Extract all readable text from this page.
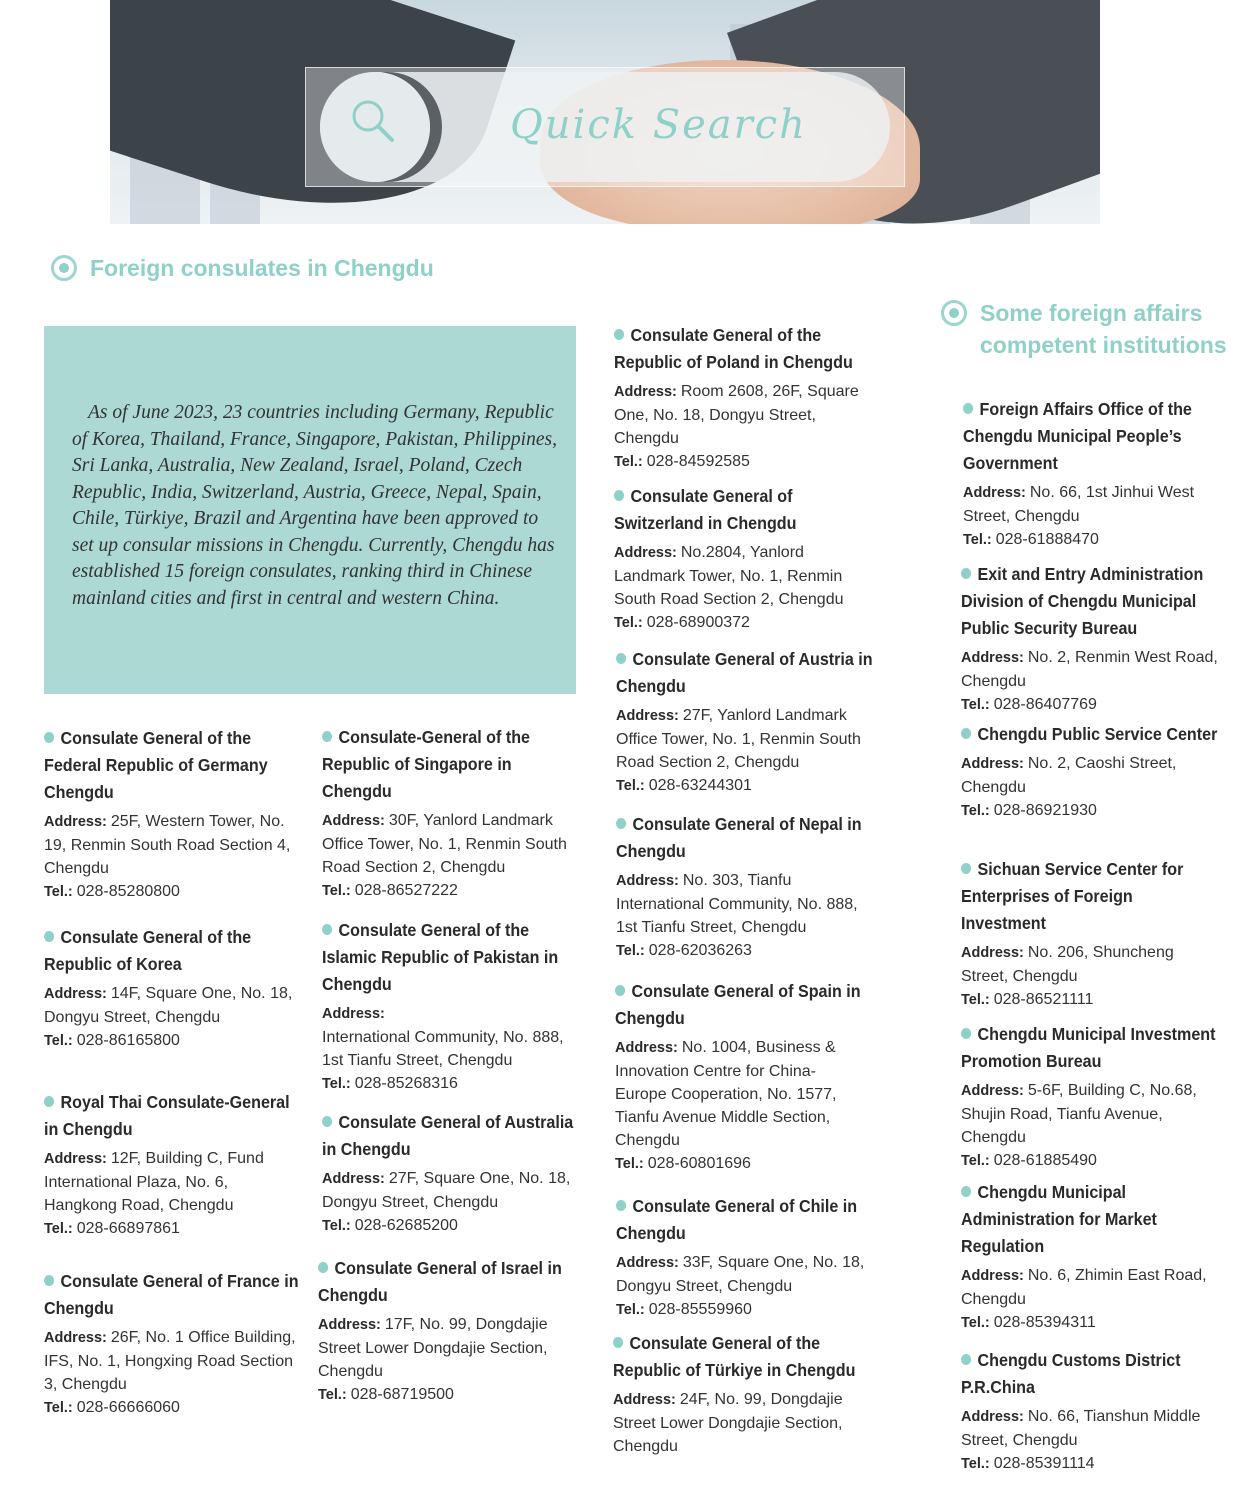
Quick Search
Foreign consulates in Chengdu
Some foreign affairs
competent institutions

As of June 2023, 23 countries including Germany, Republic of Korea, Thailand, France, Singapore, Pakistan, Philippines, Sri Lanka, Australia, New Zealand, Israel, Poland, Czech Republic, India, Switzerland, Austria, Greece, Nepal, Spain, Chile, Türkiye, Brazil and Argentina have been approved to set up consular missions in Chengdu. Currently, Chengdu has established 15 foreign consulates, ranking third in Chinese mainland cities and first in central and western China.

Consulate General of the Federal Republic of Germany Chengdu

Address: 25F, Western Tower, No. 19, Renmin South Road Section 4, Chengdu

Tel.: 028-85280800

Consulate General of the Republic of Korea

Address: 14F, Square One, No. 18, Dongyu Street, Chengdu

Tel.: 028-86165800

Royal Thai Consulate-General in Chengdu

Address: 12F, Building C, Fund International Plaza, No. 6, Hangkong Road, Chengdu

Tel.: 028-66897861

Consulate General of France in Chengdu

Address: 26F, No. 1 Office Building, IFS, No. 1, Hongxing Road Section 3, Chengdu

Tel.: 028-66666060

Consulate-General of the Republic of Singapore in Chengdu

Address: 30F, Yanlord Landmark Office Tower, No. 1, Renmin South Road Section 2, Chengdu

Tel.: 028-86527222

Consulate General of the Islamic Republic of Pakistan in Chengdu

Address:

International Community, No. 888, 1st Tianfu Street, Chengdu

Tel.: 028-85268316

Consulate General of Australia in Chengdu

Address: 27F, Square One, No. 18, Dongyu Street, Chengdu

Tel.: 028-62685200

Consulate General of Israel in Chengdu

Address: 17F, No. 99, Dongdajie Street Lower Dongdajie Section, Chengdu

Tel.: 028-68719500

Consulate General of the Republic of Poland in Chengdu

Address: Room 2608, 26F, Square One, No. 18, Dongyu Street, Chengdu

Tel.: 028-84592585

Consulate General of Switzerland in Chengdu

Address: No.2804, Yanlord Landmark Tower, No. 1, Renmin South Road Section 2, Chengdu

Tel.: 028-68900372

Consulate General of Austria in Chengdu

Address: 27F, Yanlord Landmark Office Tower, No. 1, Renmin South Road Section 2, Chengdu

Tel.: 028-63244301

Consulate General of Nepal in Chengdu

Address: No. 303, Tianfu International Community, No. 888, 1st Tianfu Street, Chengdu

Tel.: 028-62036263

Consulate General of Spain in Chengdu

Address: No. 1004, Business & Innovation Centre for China-Europe Cooperation, No. 1577, Tianfu Avenue Middle Section, Chengdu

Tel.: 028-60801696

Consulate General of Chile in Chengdu

Address: 33F, Square One, No. 18, Dongyu Street, Chengdu

Tel.: 028-85559960

Consulate General of the Republic of Türkiye in Chengdu

Address: 24F, No. 99, Dongdajie Street Lower Dongdajie Section, Chengdu

Foreign Affairs Office of the Chengdu Municipal People’s Government

Address: No. 66, 1st Jinhui West Street, Chengdu

Tel.: 028-61888470

Exit and Entry Administration Division of Chengdu Municipal Public Security Bureau

Address: No. 2, Renmin West Road, Chengdu

Tel.: 028-86407769

Chengdu Public Service Center

Address: No. 2, Caoshi Street, Chengdu

Tel.: 028-86921930

Sichuan Service Center for Enterprises of Foreign Investment

Address: No. 206, Shuncheng Street, Chengdu

Tel.: 028-86521111

Chengdu Municipal Investment Promotion Bureau

Address: 5-6F, Building C, No.68, Shujin Road, Tianfu Avenue, Chengdu

Tel.: 028-61885490

Chengdu Municipal Administration for Market Regulation

Address: No. 6, Zhimin East Road, Chengdu

Tel.: 028-85394311

Chengdu Customs District P.R.China

Address: No. 66, Tianshun Middle Street, Chengdu

Tel.: 028-85391114
